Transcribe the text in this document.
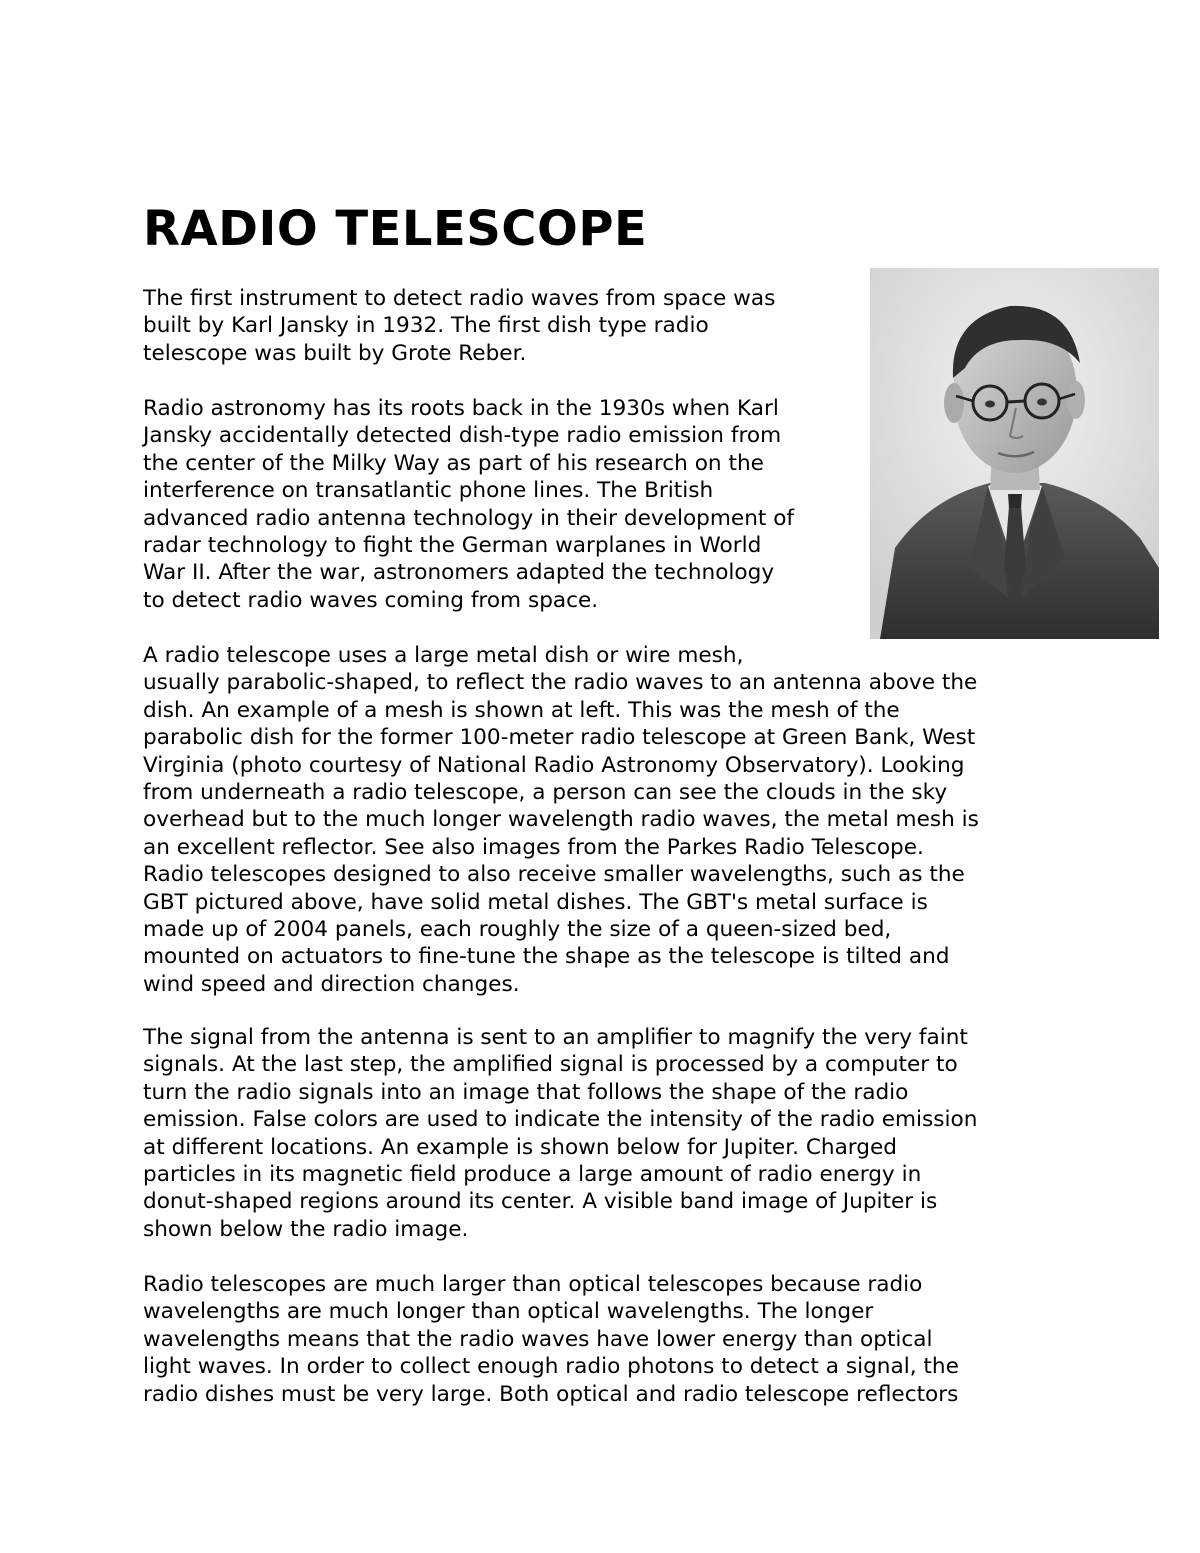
RADIO TELESCOPE

The first instrument to detect radio waves from space was
built by Karl Jansky in 1932. The first dish type radio
telescope was built by Grote Reber.

Radio astronomy has its roots back in the 1930s when Karl
Jansky accidentally detected dish-type radio emission from
the center of the Milky Way as part of his research on the
interference on transatlantic phone lines. The British
advanced radio antenna technology in their development of
radar technology to fight the German warplanes in World
War II. After the war, astronomers adapted the technology
to detect radio waves coming from space.

A radio telescope uses a large metal dish or wire mesh,
usually parabolic-shaped, to reflect the radio waves to an antenna above the
dish. An example of a mesh is shown at left. This was the mesh of the
parabolic dish for the former 100-meter radio telescope at Green Bank, West
Virginia (photo courtesy of National Radio Astronomy Observatory). Looking
from underneath a radio telescope, a person can see the clouds in the sky
overhead but to the much longer wavelength radio waves, the metal mesh is
an excellent reflector. See also images from the Parkes Radio Telescope.
Radio telescopes designed to also receive smaller wavelengths, such as the
GBT pictured above, have solid metal dishes. The GBT's metal surface is
made up of 2004 panels, each roughly the size of a queen-sized bed,
mounted on actuators to fine-tune the shape as the telescope is tilted and
wind speed and direction changes.

The signal from the antenna is sent to an amplifier to magnify the very faint
signals. At the last step, the amplified signal is processed by a computer to
turn the radio signals into an image that follows the shape of the radio
emission. False colors are used to indicate the intensity of the radio emission
at different locations. An example is shown below for Jupiter. Charged
particles in its magnetic field produce a large amount of radio energy in
donut-shaped regions around its center. A visible band image of Jupiter is
shown below the radio image.

Radio telescopes are much larger than optical telescopes because radio
wavelengths are much longer than optical wavelengths. The longer
wavelengths means that the radio waves have lower energy than optical
light waves. In order to collect enough radio photons to detect a signal, the
radio dishes must be very large. Both optical and radio telescope reflectors
